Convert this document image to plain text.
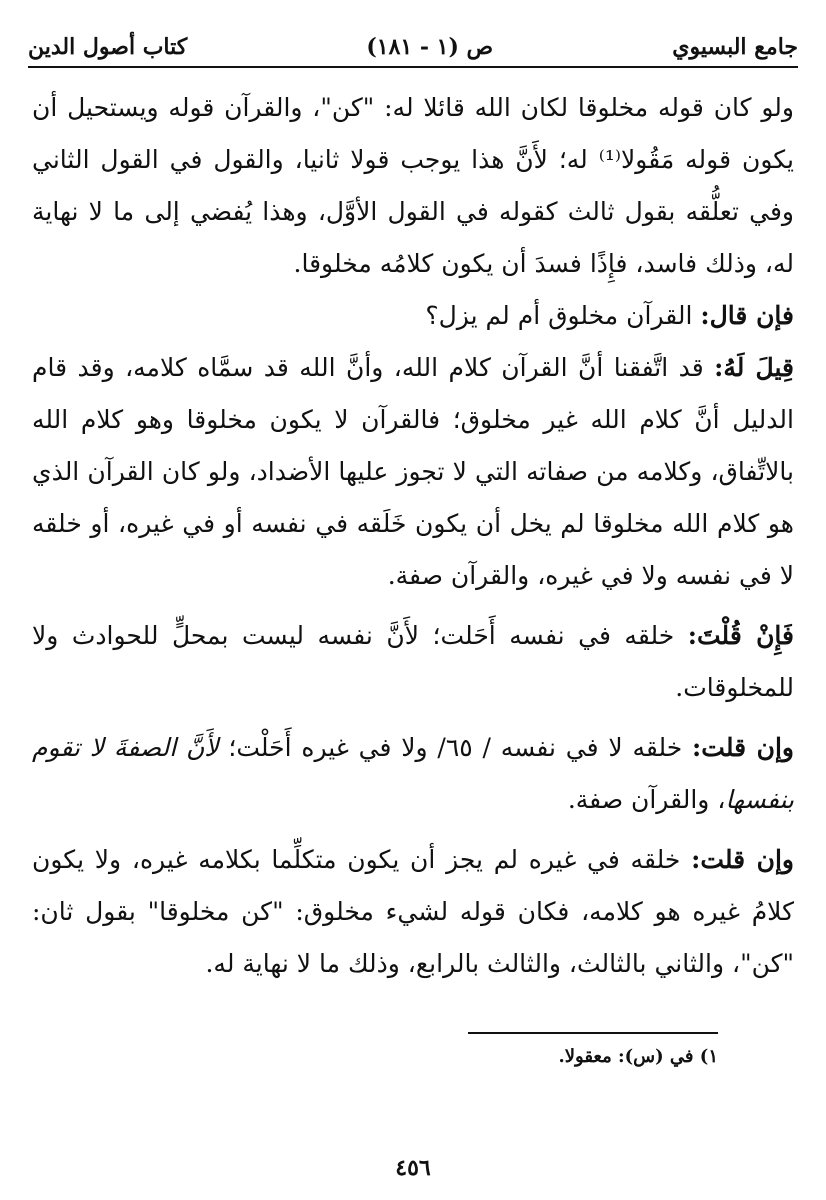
جامع البسيوي
ص (١ - ١٨١)
كتاب أصول الدين

ولو كان قوله مخلوقا لكان الله قائلا له: "كن"، والقرآن قوله ويستحيل أن يكون قوله مَقُولا⁽¹⁾ له؛ لأَنَّ هذا يوجب قولا ثانيا، والقول في القول الثاني وفي تعلُّقه بقول ثالث كقوله في القول الأوَّل، وهذا يُفضي إلى ما لا نهاية له، وذلك فاسد، فإِذًا فسدَ أن يكون كلامُه مخلوقا.

فإن قال: القرآن مخلوق أم لم يزل؟

قِيلَ لَهُ: قد اتَّفقنا أنَّ القرآن كلام الله، وأنَّ الله قد سمَّاه كلامه، وقد قام الدليل أنَّ كلام الله غير مخلوق؛ فالقرآن لا يكون مخلوقا وهو كلام الله بالاتِّفاق، وكلامه من صفاته التي لا تجوز عليها الأضداد، ولو كان القرآن الذي هو كلام الله مخلوقا لم يخل أن يكون خَلَقه في نفسه أو في غيره، أو خلقه لا في نفسه ولا في غيره، والقرآن صفة.

فَإِنْ قُلْتَ: خلقه في نفسه أَحَلت؛ لأَنَّ نفسه ليست بمحلٍّ للحوادث ولا للمخلوقات.

وإن قلت: خلقه لا في نفسه / ٦٥/ ولا في غيره أَحَلْت؛ لأَنَّ الصفةَ لا تقوم بنفسها، والقرآن صفة.

وإن قلت: خلقه في غيره لم يجز أن يكون متكلِّما بكلامه غيره، ولا يكون كلامُ غيره هو كلامه، فكان قوله لشيء مخلوق: "كن مخلوقا" بقول ثان: "كن"، والثاني بالثالث، والثالث بالرابع، وذلك ما لا نهاية له.

١) في (س): معقولا.
٤٥٦
